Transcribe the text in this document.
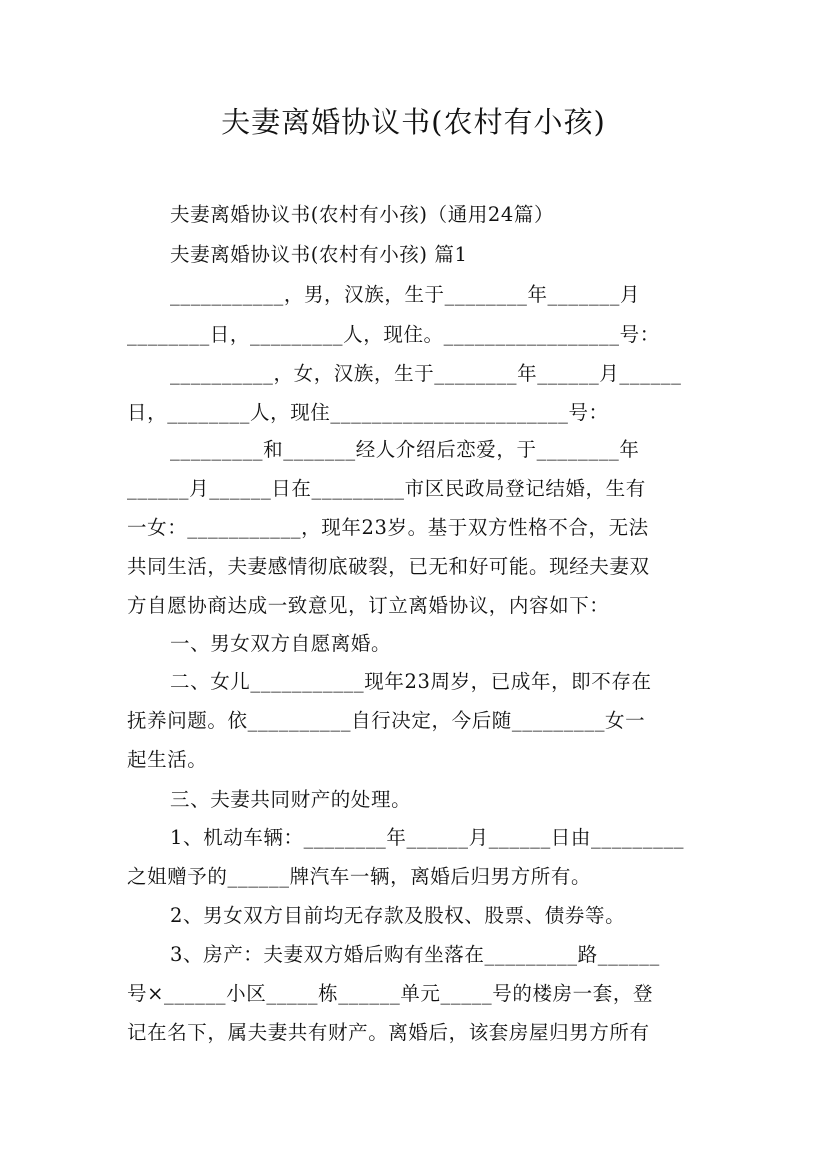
夫妻离婚协议书(农村有小孩)
夫妻离婚协议书(农村有小孩)（通用24篇）
夫妻离婚协议书(农村有小孩) 篇1
___________，男，汉族，生于________年_______月
________日，_________人，现住。_________________号：
__________，女，汉族，生于________年______月______
日，________人，现住_______________________号：
_________和_______经人介绍后恋爱，于________年
______月______日在_________市区民政局登记结婚，生有
一女：___________，现年23岁。基于双方性格不合，无法
共同生活，夫妻感情彻底破裂，已无和好可能。现经夫妻双
方自愿协商达成一致意见，订立离婚协议，内容如下：
一、男女双方自愿离婚。
二、女儿___________现年23周岁，已成年，即不存在
抚养问题。依__________自行决定，今后随_________女一
起生活。
三、夫妻共同财产的处理。
1、机动车辆：________年______月______日由_________
之姐赠予的______牌汽车一辆，离婚后归男方所有。
2、男女双方目前均无存款及股权、股票、债券等。
3、房产：夫妻双方婚后购有坐落在_________路______
号×______小区_____栋______单元_____号的楼房一套，登
记在名下，属夫妻共有财产。离婚后，该套房屋归男方所有
